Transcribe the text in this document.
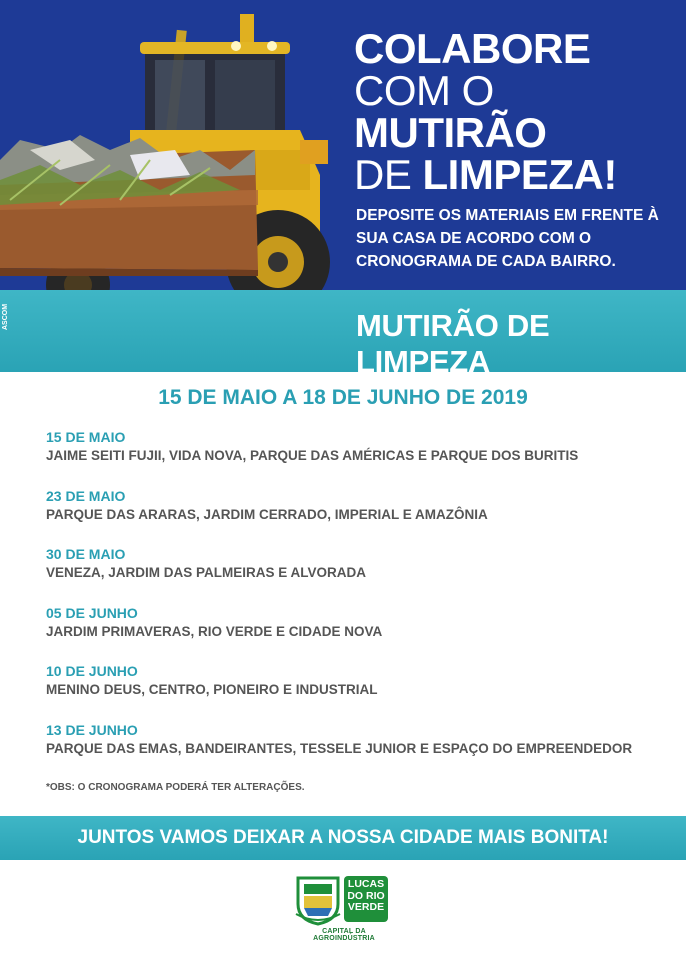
COLABORE
COM O MUTIRÃO
DE LIMPEZA!
DEPOSITE OS MATERIAIS EM FRENTE À SUA CASA DE ACORDO COM O CRONOGRAMA DE CADA BAIRRO.
MUTIRÃO DE LIMPEZA
ASCOM
15 DE MAIO A 18 DE JUNHO DE 2019
15 DE MAIO
JAIME SEITI FUJII, VIDA NOVA, PARQUE DAS AMÉRICAS E PARQUE DOS BURITIS
23 DE MAIO
PARQUE DAS ARARAS, JARDIM CERRADO, IMPERIAL E AMAZÔNIA
30 DE MAIO
VENEZA, JARDIM DAS PALMEIRAS E ALVORADA
05 DE JUNHO
JARDIM PRIMAVERAS, RIO VERDE E CIDADE NOVA
10 DE JUNHO
MENINO DEUS, CENTRO, PIONEIRO E INDUSTRIAL
13 DE JUNHO
PARQUE DAS EMAS, BANDEIRANTES, TESSELE JUNIOR E ESPAÇO DO EMPREENDEDOR
*OBS: O CRONOGRAMA PODERÁ TER ALTERAÇÕES.
JUNTOS VAMOS DEIXAR A NOSSA CIDADE MAIS BONITA!
LUCAS
DO RIO
VERDE
CAPITAL DA AGROINDÚSTRIA
